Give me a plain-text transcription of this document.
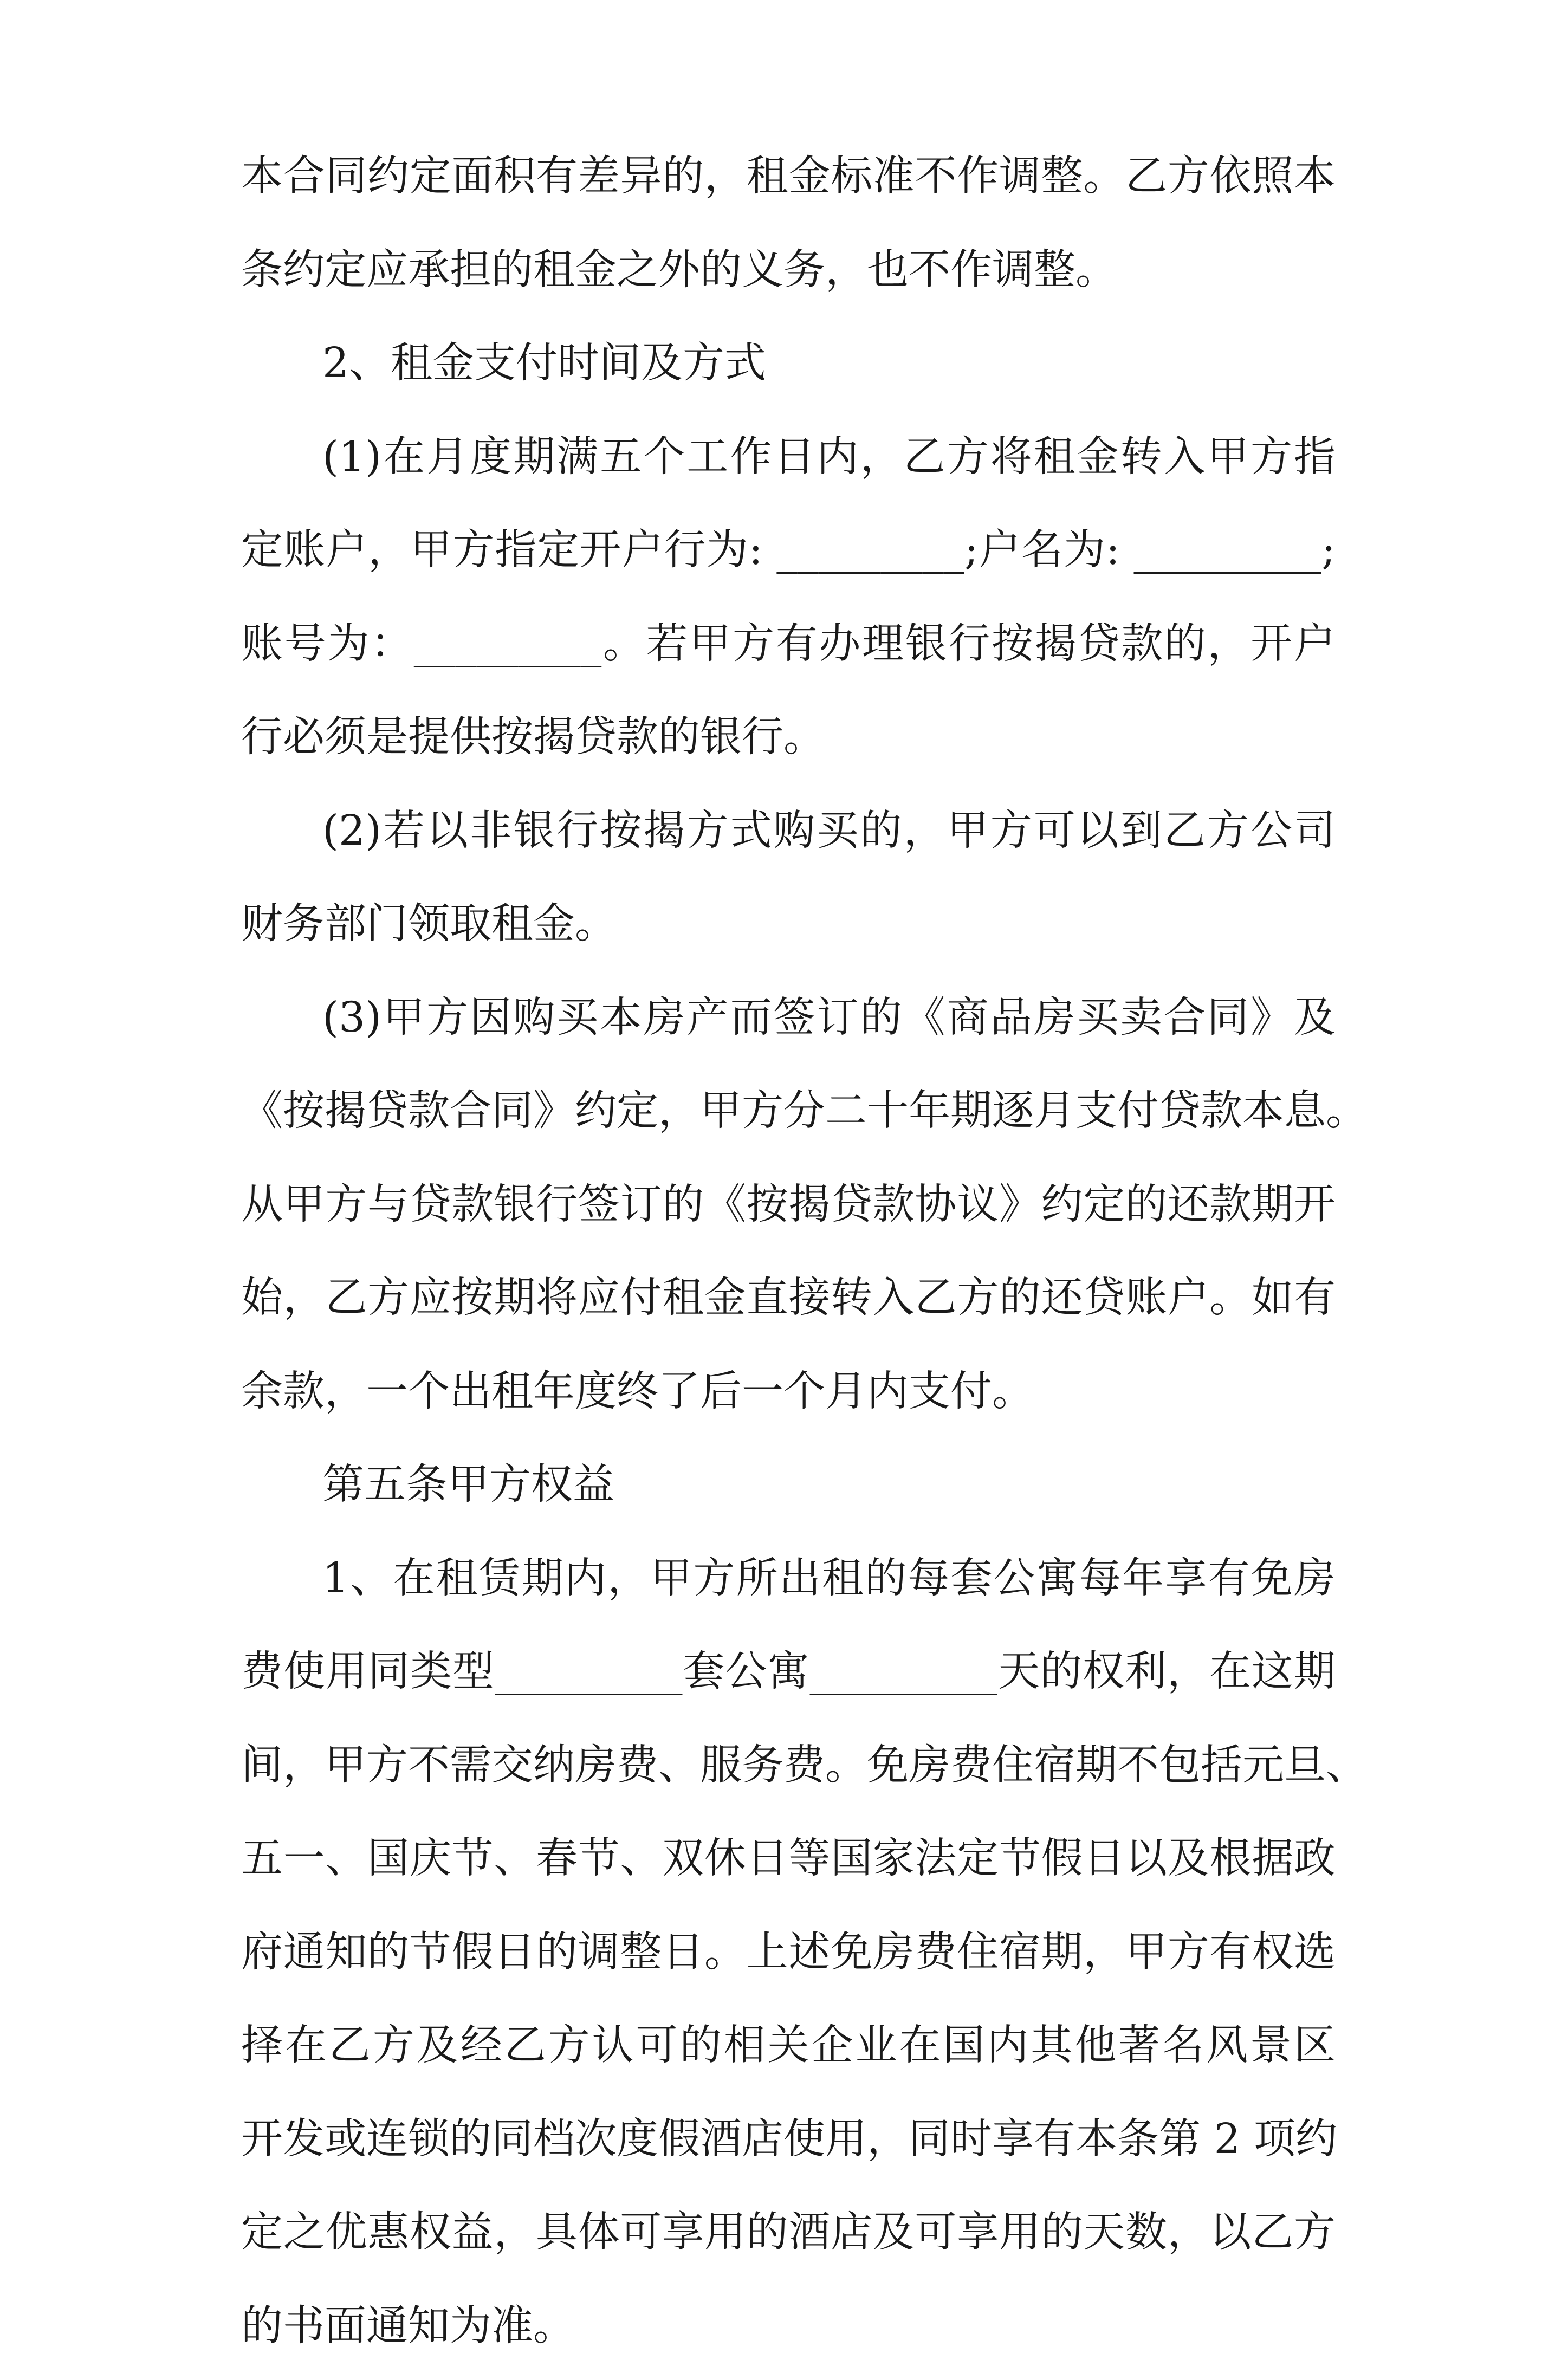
本合同约定面积有差异的，租金标准不作调整。乙方依照本
条约定应承担的租金之外的义务，也不作调整。
2、租金支付时间及方式
(1)在月度期满五个工作日内，乙方将租金转入甲方指
定账户，甲方指定开户行为: _________;户名为: _________;
账号为：_________。若甲方有办理银行按揭贷款的，开户
行必须是提供按揭贷款的银行。
(2)若以非银行按揭方式购买的，甲方可以到乙方公司
财务部门领取租金。
(3)甲方因购买本房产而签订的《商品房买卖合同》及
《按揭贷款合同》约定，甲方分二十年期逐月支付贷款本息。
从甲方与贷款银行签订的《按揭贷款协议》约定的还款期开
始，乙方应按期将应付租金直接转入乙方的还贷账户。如有
余款，一个出租年度终了后一个月内支付。
第五条甲方权益
1、在租赁期内，甲方所出租的每套公寓每年享有免房
费使用同类型_________套公寓_________天的权利，在这期
间，甲方不需交纳房费、服务费。免房费住宿期不包括元旦、
五一、国庆节、春节、双休日等国家法定节假日以及根据政
府通知的节假日的调整日。上述免房费住宿期，甲方有权选
择在乙方及经乙方认可的相关企业在国内其他著名风景区
开发或连锁的同档次度假酒店使用，同时享有本条第 2 项约
定之优惠权益，具体可享用的酒店及可享用的天数，以乙方
的书面通知为准。
